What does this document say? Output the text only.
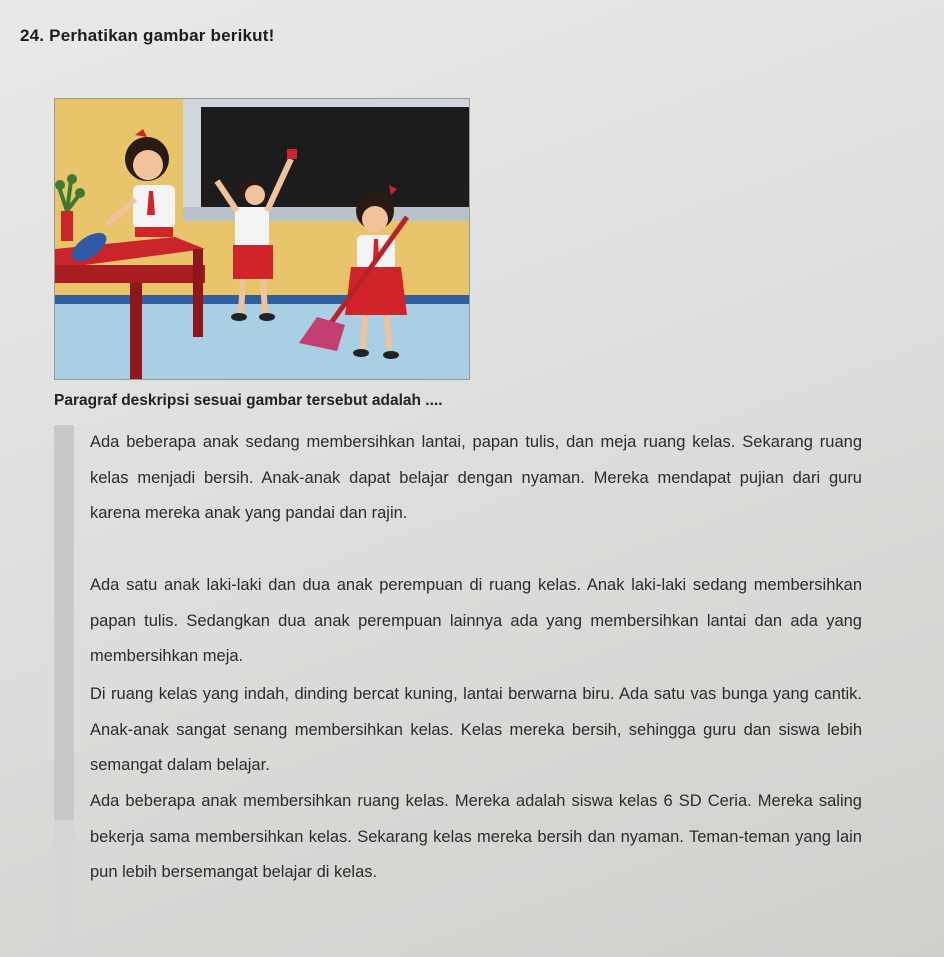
24. Perhatikan gambar berikut!
Paragraf deskripsi sesuai gambar tersebut adalah ....
Ada beberapa anak sedang membersihkan lantai, papan tulis, dan meja ruang kelas. Sekarang ruang kelas menjadi bersih. Anak-anak dapat belajar dengan nyaman. Mereka mendapat pujian dari guru karena mereka anak yang pandai dan rajin.
Ada satu anak laki-laki dan dua anak perempuan di ruang kelas. Anak laki-laki sedang membersihkan papan tulis. Sedangkan dua anak perempuan lainnya ada yang membersihkan lantai dan ada yang membersihkan meja.
Di ruang kelas yang indah, dinding bercat kuning, lantai berwarna biru. Ada satu vas bunga yang cantik. Anak-anak sangat senang membersihkan kelas. Kelas mereka bersih, sehingga guru dan siswa lebih semangat dalam belajar.
Ada beberapa anak membersihkan ruang kelas. Mereka adalah siswa kelas 6 SD Ceria. Mereka saling bekerja sama membersihkan kelas. Sekarang kelas mereka bersih dan nyaman. Teman-teman yang lain pun lebih bersemangat belajar di kelas.
